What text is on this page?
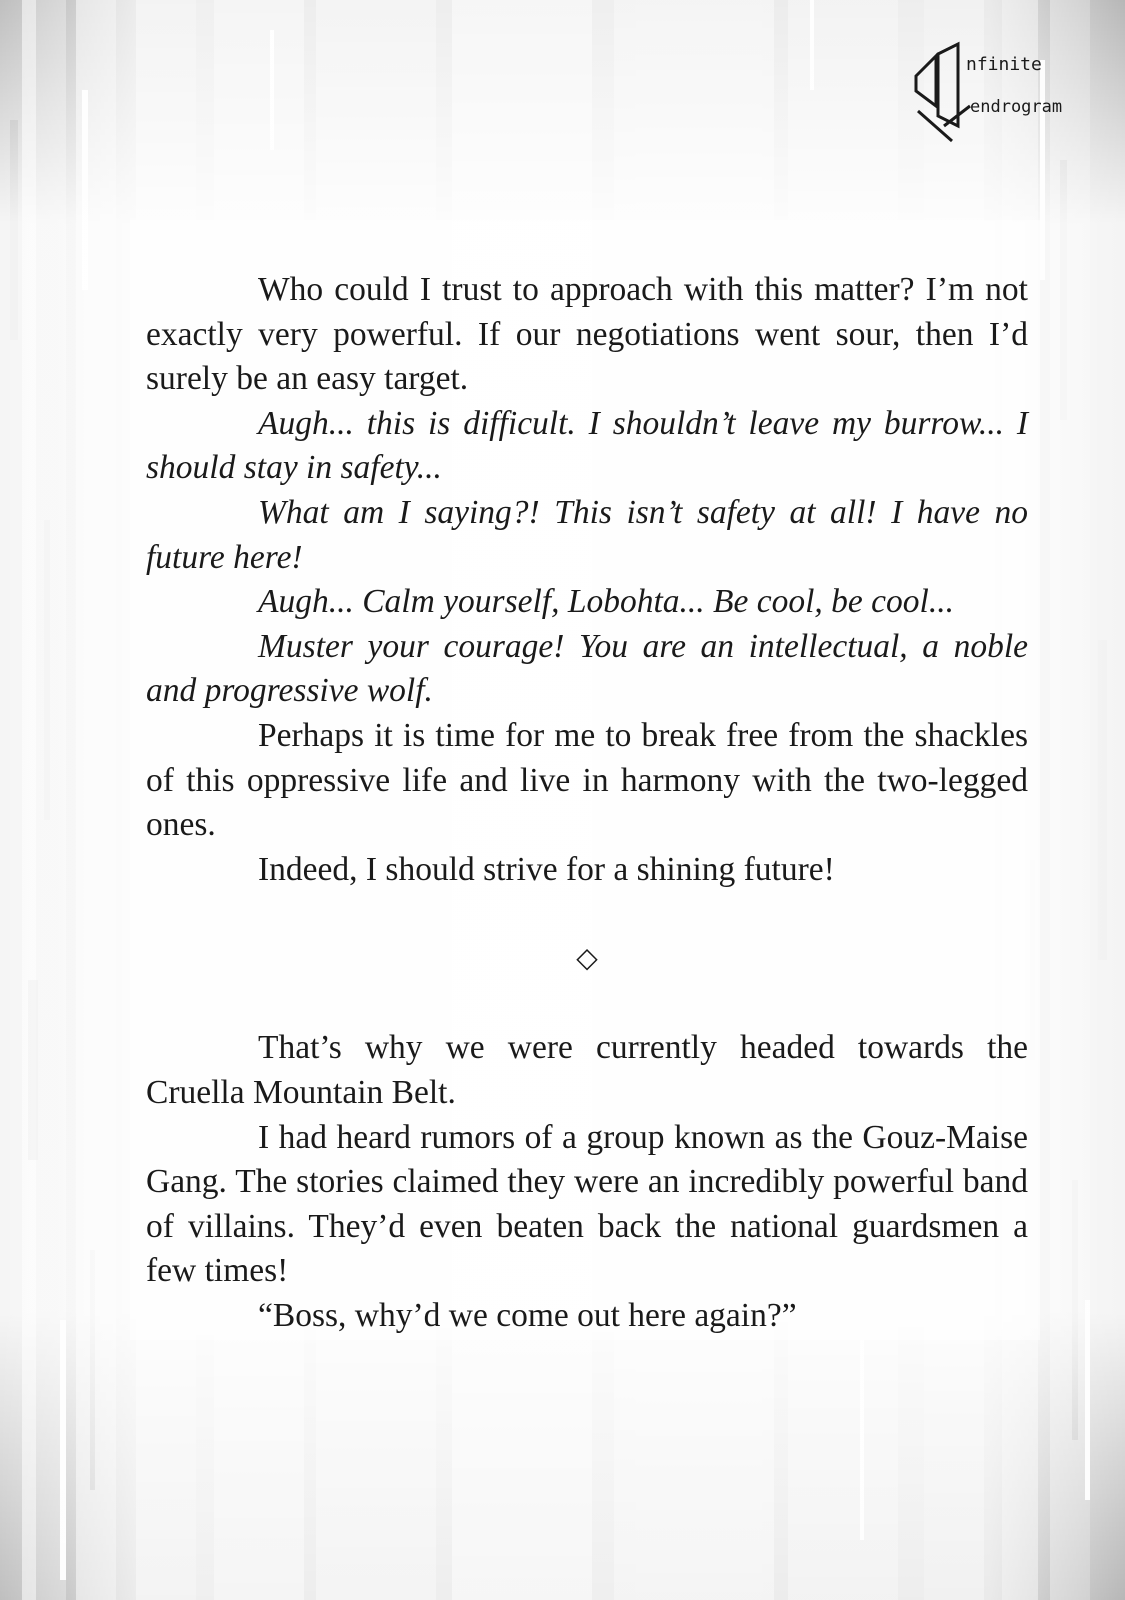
nfinite
endrogram

Who could I trust to approach with this matter? I’m not exactly very powerful. If our negotiations went sour, then I’d surely be an easy target.

Augh... this is difficult. I shouldn’t leave my burrow... I should stay in safety...

What am I saying?! This isn’t safety at all! I have no future here!

Augh... Calm yourself, Lobohta... Be cool, be cool...

Muster your courage! You are an intellectual, a noble and progressive wolf.

Perhaps it is time for me to break free from the shackles of this oppressive life and live in harmony with the two-legged ones.

Indeed, I should strive for a shining future!

◇

That’s why we were currently headed towards the Cruella Mountain Belt.

I had heard rumors of a group known as the Gouz-Maise Gang. The stories claimed they were an incredibly powerful band of villains. They’d even beaten back the national guardsmen a few times!

“Boss, why’d we come out here again?”
